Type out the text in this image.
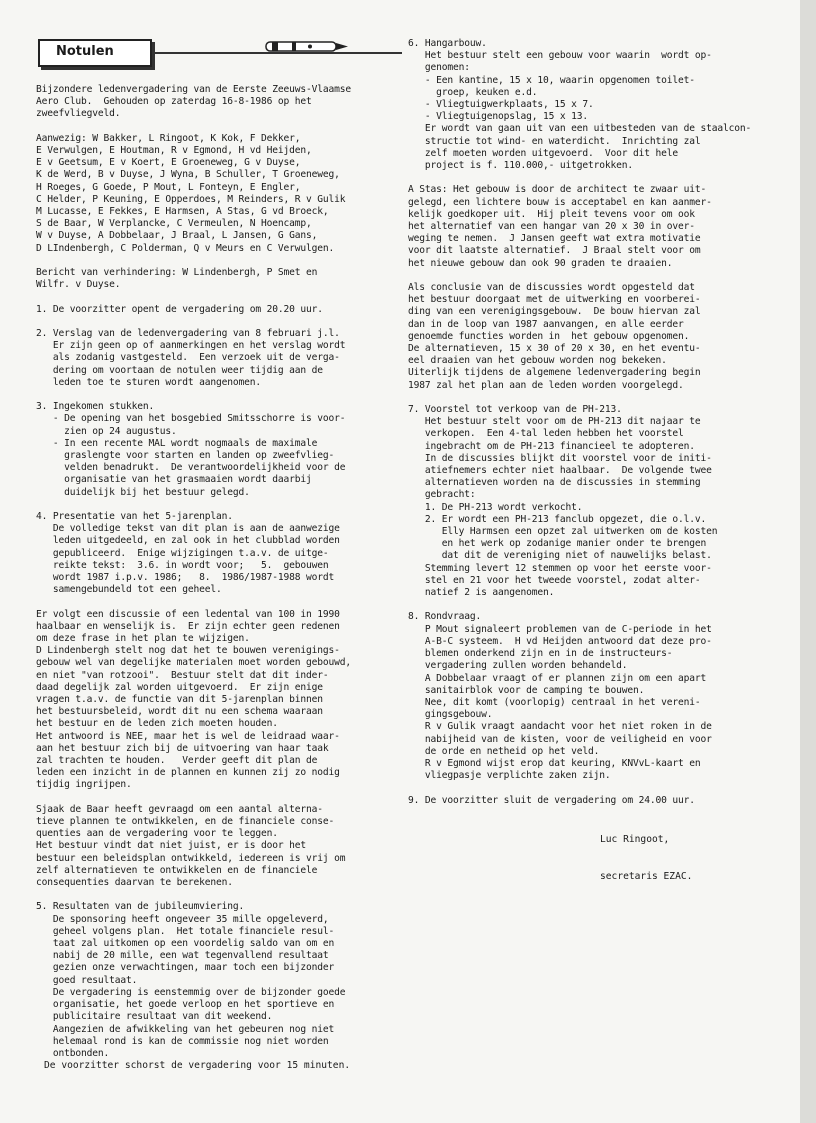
Notulen

Bijzondere ledenvergadering van de Eerste Zeeuws-Vlaamse

Aero Club.  Gehouden op zaterdag 16-8-1986 op het

zweefvliegveld.

Aanwezig: W Bakker, L Ringoot, K Kok, F Dekker,

E Verwulgen, E Houtman, R v Egmond, H vd Heijden,

E v Geetsum, E v Koert, E Groeneweg, G v Duyse,

K de Werd, B v Duyse, J Wyna, B Schuller, T Groeneweg,

H Roeges, G Goede, P Mout, L Fonteyn, E Engler,

C Helder, P Keuning, E Opperdoes, M Reinders, R v Gulik

M Lucasse, E Fekkes, E Harmsen, A Stas, G vd Broeck,

S de Baar, W Verplancke, C Vermeulen, N Hoencamp,

W v Duyse, A Dobbelaar, J Braal, L Jansen, G Gans,

D LIndenbergh, C Polderman, Q v Meurs en C Verwulgen.

Bericht van verhindering: W Lindenbergh, P Smet en

Wilfr. v Duyse.

1. De voorzitter opent de vergadering om 20.20 uur.

2. Verslag van de ledenvergadering van 8 februari j.l.

Er zijn geen op of aanmerkingen en het verslag wordt

als zodanig vastgesteld.  Een verzoek uit de verga-

dering om voortaan de notulen weer tijdig aan de

leden toe te sturen wordt aangenomen.

3. Ingekomen stukken.

- De opening van het bosgebied Smitsschorre is voor-

zien op 24 augustus.

- In een recente MAL wordt nogmaals de maximale

graslengte voor starten en landen op zweefvlieg-

velden benadrukt.  De verantwoordelijkheid voor de

organisatie van het grasmaaien wordt daarbij

duidelijk bij het bestuur gelegd.

4. Presentatie van het 5-jarenplan.

De volledige tekst van dit plan is aan de aanwezige

leden uitgedeeld, en zal ook in het clubblad worden

gepubliceerd.  Enige wijzigingen t.a.v. de uitge-

reikte tekst:  3.6. in wordt voor;   5.  gebouwen

wordt 1987 i.p.v. 1986;   8.  1986/1987-1988 wordt

samengebundeld tot een geheel.

Er volgt een discussie of een ledental van 100 in 1990

haalbaar en wenselijk is.  Er zijn echter geen redenen

om deze frase in het plan te wijzigen.

D Lindenbergh stelt nog dat het te bouwen verenigings-

gebouw wel van degelijke materialen moet worden gebouwd,

en niet "van rotzooi".  Bestuur stelt dat dit inder-

daad degelijk zal worden uitgevoerd.  Er zijn enige

vragen t.a.v. de functie van dit 5-jarenplan binnen

het bestuursbeleid, wordt dit nu een schema waaraan

het bestuur en de leden zich moeten houden.

Het antwoord is NEE, maar het is wel de leidraad waar-

aan het bestuur zich bij de uitvoering van haar taak

zal trachten te houden.   Verder geeft dit plan de

leden een inzicht in de plannen en kunnen zij zo nodig

tijdig ingrijpen.

Sjaak de Baar heeft gevraagd om een aantal alterna-

tieve plannen te ontwikkelen, en de financiele conse-

quenties aan de vergadering voor te leggen.

Het bestuur vindt dat niet juist, er is door het

bestuur een beleidsplan ontwikkeld, iedereen is vrij om

zelf alternatieven te ontwikkelen en de financiele

consequenties daarvan te berekenen.

5. Resultaten van de jubileumviering.

De sponsoring heeft ongeveer 35 mille opgeleverd,

geheel volgens plan.  Het totale financiele resul-

taat zal uitkomen op een voordelig saldo van om en

nabij de 20 mille, een wat tegenvallend resultaat

gezien onze verwachtingen, maar toch een bijzonder

goed resultaat.

De vergadering is eenstemmig over de bijzonder goede

organisatie, het goede verloop en het sportieve en

publicitaire resultaat van dit weekend.

Aangezien de afwikkeling van het gebeuren nog niet

helemaal rond is kan de commissie nog niet worden

ontbonden.

6. Hangarbouw.

Het bestuur stelt een gebouw voor waarin  wordt op-

genomen:

- Een kantine, 15 x 10, waarin opgenomen toilet-

groep, keuken e.d.

- Vliegtuigwerkplaats, 15 x 7.

- Vliegtuigenopslag, 15 x 13.

Er wordt van gaan uit van een uitbesteden van de staalcon-

structie tot wind- en waterdicht.  Inrichting zal

zelf moeten worden uitgevoerd.  Voor dit hele

project is f. 110.000,- uitgetrokken.

A Stas: Het gebouw is door de architect te zwaar uit-

gelegd, een lichtere bouw is acceptabel en kan aanmer-

kelijk goedkoper uit.  Hij pleit tevens voor om ook

het alternatief van een hangar van 20 x 30 in over-

weging te nemen.  J Jansen geeft wat extra motivatie

voor dit laatste alternatief.  J Braal stelt voor om

het nieuwe gebouw dan ook 90 graden te draaien.

Als conclusie van de discussies wordt opgesteld dat

het bestuur doorgaat met de uitwerking en voorberei-

ding van een verenigingsgebouw.  De bouw hiervan zal

dan in de loop van 1987 aanvangen, en alle eerder

genoemde functies worden in  het gebouw opgenomen.

De alternatieven, 15 x 30 of 20 x 30, en het eventu-

eel draaien van het gebouw worden nog bekeken.

Uiterlijk tijdens de algemene ledenvergadering begin

1987 zal het plan aan de leden worden voorgelegd.

7. Voorstel tot verkoop van de PH-213.

Het bestuur stelt voor om de PH-213 dit najaar te

verkopen.  Een 4-tal leden hebben het voorstel

ingebracht om de PH-213 financieel te adopteren.

In de discussies blijkt dit voorstel voor de initi-

atiefnemers echter niet haalbaar.  De volgende twee

alternatieven worden na de discussies in stemming

gebracht:

1. De PH-213 wordt verkocht.

2. Er wordt een PH-213 fanclub opgezet, die o.l.v.

Elly Harmsen een opzet zal uitwerken om de kosten

en het werk op zodanige manier onder te brengen

dat dit de vereniging niet of nauwelijks belast.

Stemming levert 12 stemmen op voor het eerste voor-

stel en 21 voor het tweede voorstel, zodat alter-

natief 2 is aangenomen.

8. Rondvraag.

P Mout signaleert problemen van de C-periode in het

A-B-C systeem.  H vd Heijden antwoord dat deze pro-

blemen onderkend zijn en in de instructeurs-

vergadering zullen worden behandeld.

A Dobbelaar vraagt of er plannen zijn om een apart

sanitairblok voor de camping te bouwen.

Nee, dit komt (voorlopig) centraal in het vereni-

gingsgebouw.

R v Gulik vraagt aandacht voor het niet roken in de

nabijheid van de kisten, voor de veiligheid en voor

de orde en netheid op het veld.

R v Egmond wijst erop dat keuring, KNVvL-kaart en

vliegpasje verplichte zaken zijn.

9. De voorzitter sluit de vergadering om 24.00 uur.

Luc Ringoot,

secretaris EZAC.

De voorzitter schorst de vergadering voor 15 minuten.
